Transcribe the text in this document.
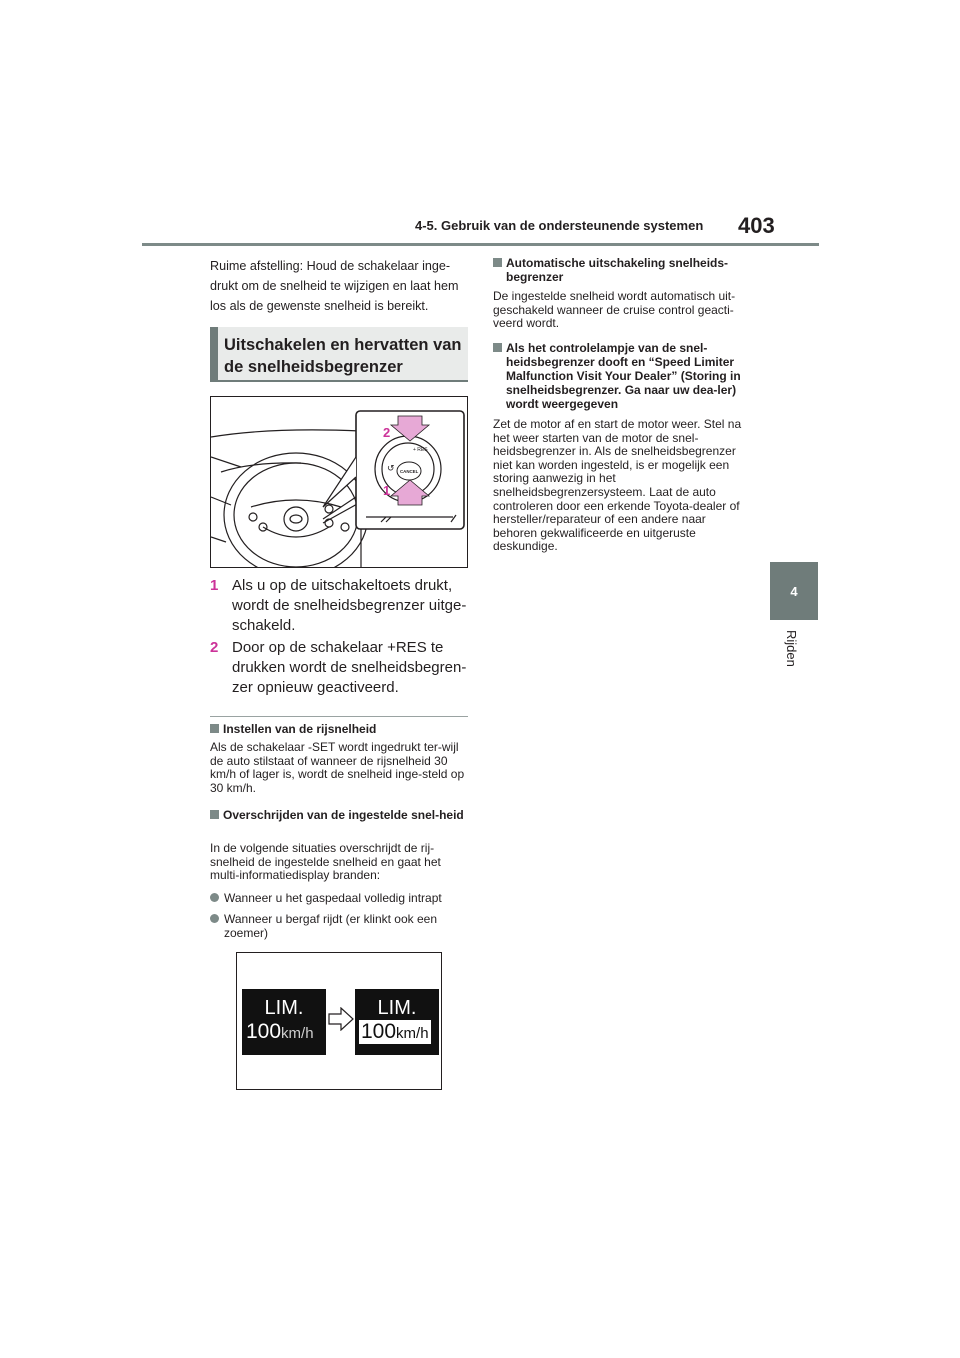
4-5. Gebruik van de ondersteunende systemen 403
4
Rijden
Ruime afstelling: Houd de schakelaar inge-drukt om de snelheid te wijzigen en laat hem los als de gewenste snelheid is bereikt.
Uitschakelen en hervatten van de snelheidsbegrenzer
+ RES
CANCEL
↺
2
1
1 Als u op de uitschakeltoets drukt, wordt de snelheidsbegrenzer uitge-schakeld.
2 Door op de schakelaar +RES te drukken wordt de snelheidsbegren-zer opnieuw geactiveerd.
Instellen van de rijsnelheid
Als de schakelaar -SET wordt ingedrukt ter-wijl de auto stilstaat of wanneer de rijsnelheid 30 km/h of lager is, wordt de snelheid inge-steld op 30 km/h.
Overschrijden van de ingestelde snel-heid
In de volgende situaties overschrijdt de rij-snelheid de ingestelde snelheid en gaat het multi-informatiedisplay branden:
Wanneer u het gaspedaal volledig intrapt
Wanneer u bergaf rijdt (er klinkt ook een zoemer)
LIM.
100km/h
LIM.
100km/h
Automatische uitschakeling snelheids-begrenzer
De ingestelde snelheid wordt automatisch uit-geschakeld wanneer de cruise control geacti-veerd wordt.
Als het controlelampje van de snel-heidsbegrenzer dooft en “Speed Limiter Malfunction Visit Your Dealer” (Storing in snelheidsbegrenzer. Ga naar uw dea-ler) wordt weergegeven
Zet de motor af en start de motor weer. Stel na het weer starten van de motor de snel-heidsbegrenzer in. Als de snelheidsbegrenzer niet kan worden ingesteld, is er mogelijk een storing aanwezig in het snelheidsbegrenzersysteem. Laat de auto controleren door een erkende Toyota-dealer of hersteller/reparateur of een andere naar behoren gekwalificeerde en uitgeruste deskundige.
